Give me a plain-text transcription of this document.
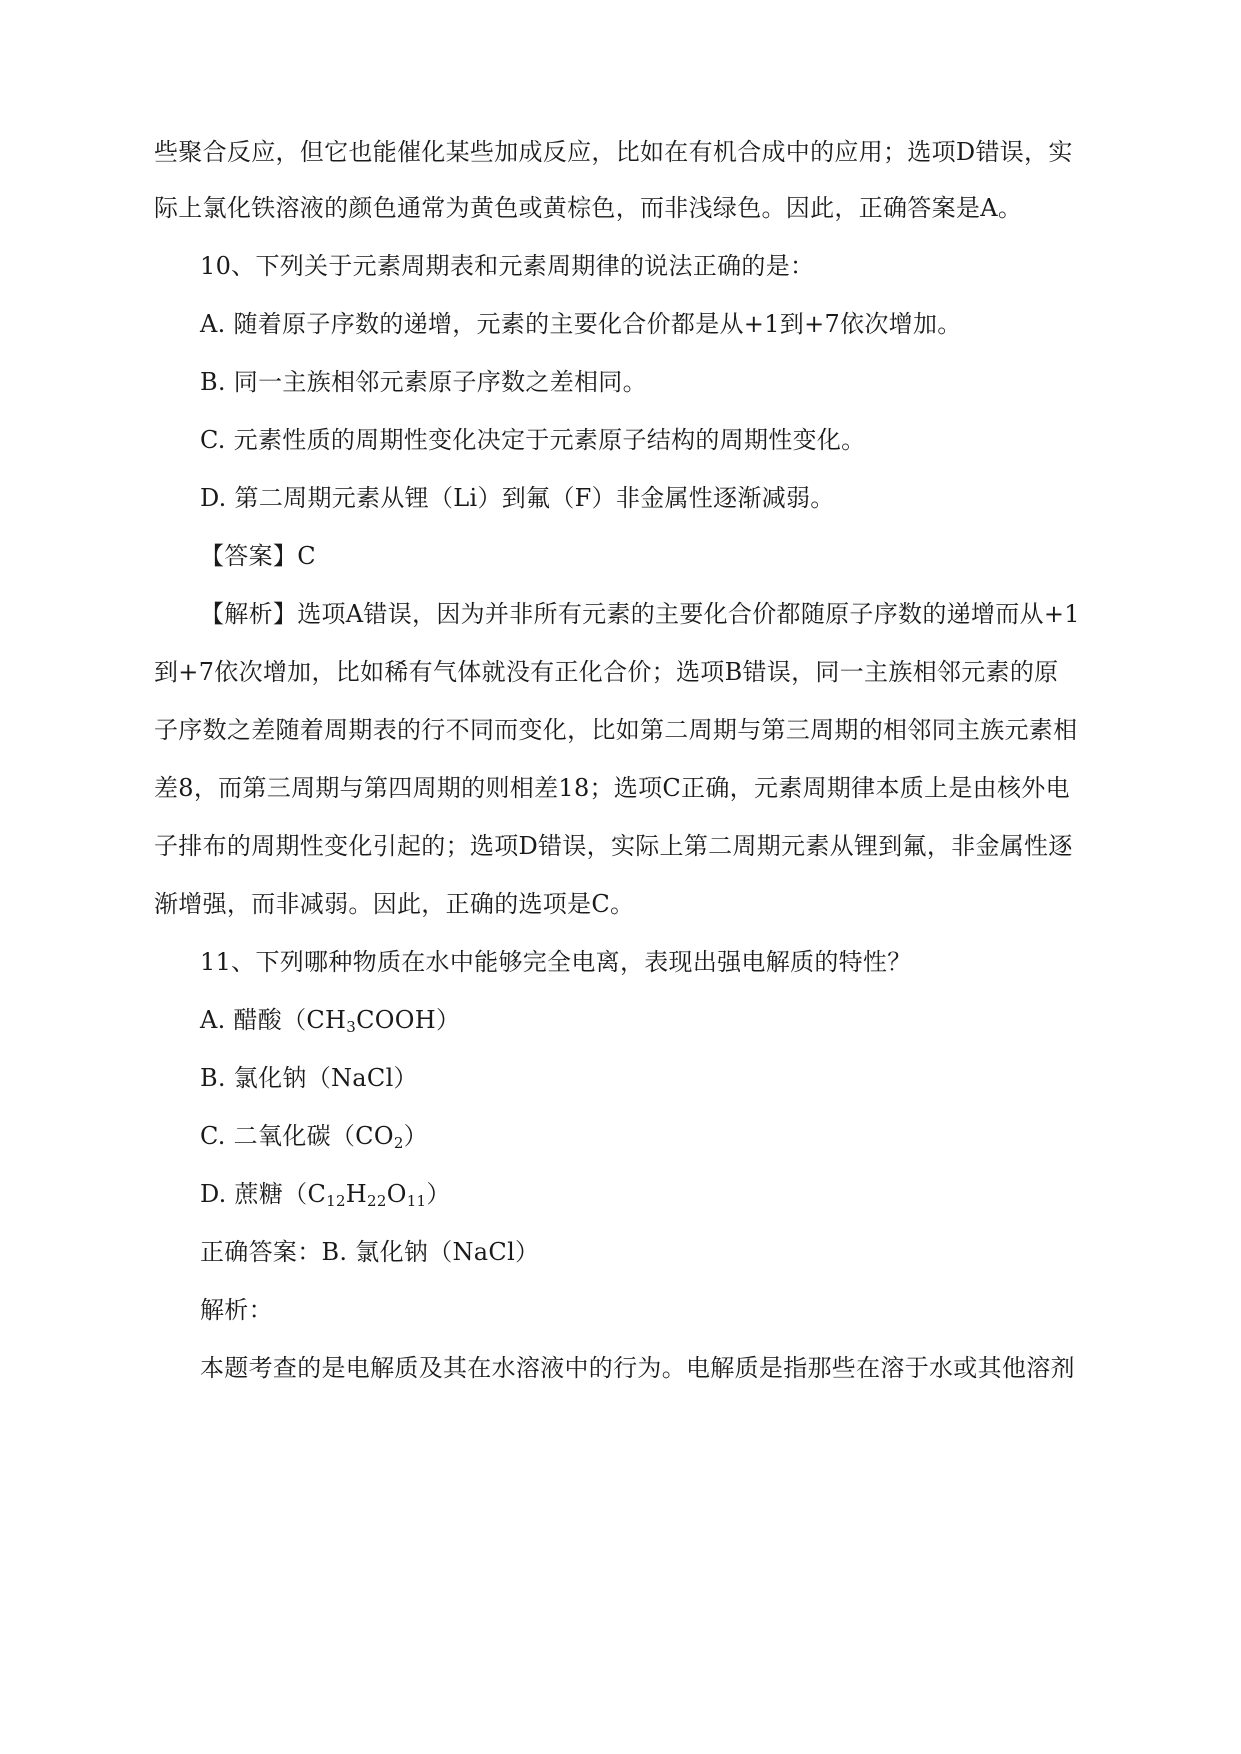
些聚合反应，但它也能催化某些加成反应，比如在有机合成中的应用；选项D错误，实
际上氯化铁溶液的颜色通常为黄色或黄棕色，而非浅绿色。因此，正确答案是A。
10、下列关于元素周期表和元素周期律的说法正确的是：
A. 随着原子序数的递增，元素的主要化合价都是从+1到+7依次增加。
B. 同一主族相邻元素原子序数之差相同。
C. 元素性质的周期性变化决定于元素原子结构的周期性变化。
D. 第二周期元素从锂（Li）到氟（F）非金属性逐渐减弱。
【答案】C
【解析】选项A错误，因为并非所有元素的主要化合价都随原子序数的递增而从+1
到+7依次增加，比如稀有气体就没有正化合价；选项B错误，同一主族相邻元素的原
子序数之差随着周期表的行不同而变化，比如第二周期与第三周期的相邻同主族元素相
差8，而第三周期与第四周期的则相差18；选项C正确，元素周期律本质上是由核外电
子排布的周期性变化引起的；选项D错误，实际上第二周期元素从锂到氟，非金属性逐
渐增强，而非减弱。因此，正确的选项是C。
11、下列哪种物质在水中能够完全电离，表现出强电解质的特性？
A. 醋酸$(CH_3COOH)$
B. 氯化钠（NaCl）
C. 二氧化碳$(CO_2)$
D. 蔗糖$(C_{12}H_{22}O_{11})$
正确答案：B. 氯化钠（NaCl）
解析：
本题考查的是电解质及其在水溶液中的行为。电解质是指那些在溶于水或其他溶剂
